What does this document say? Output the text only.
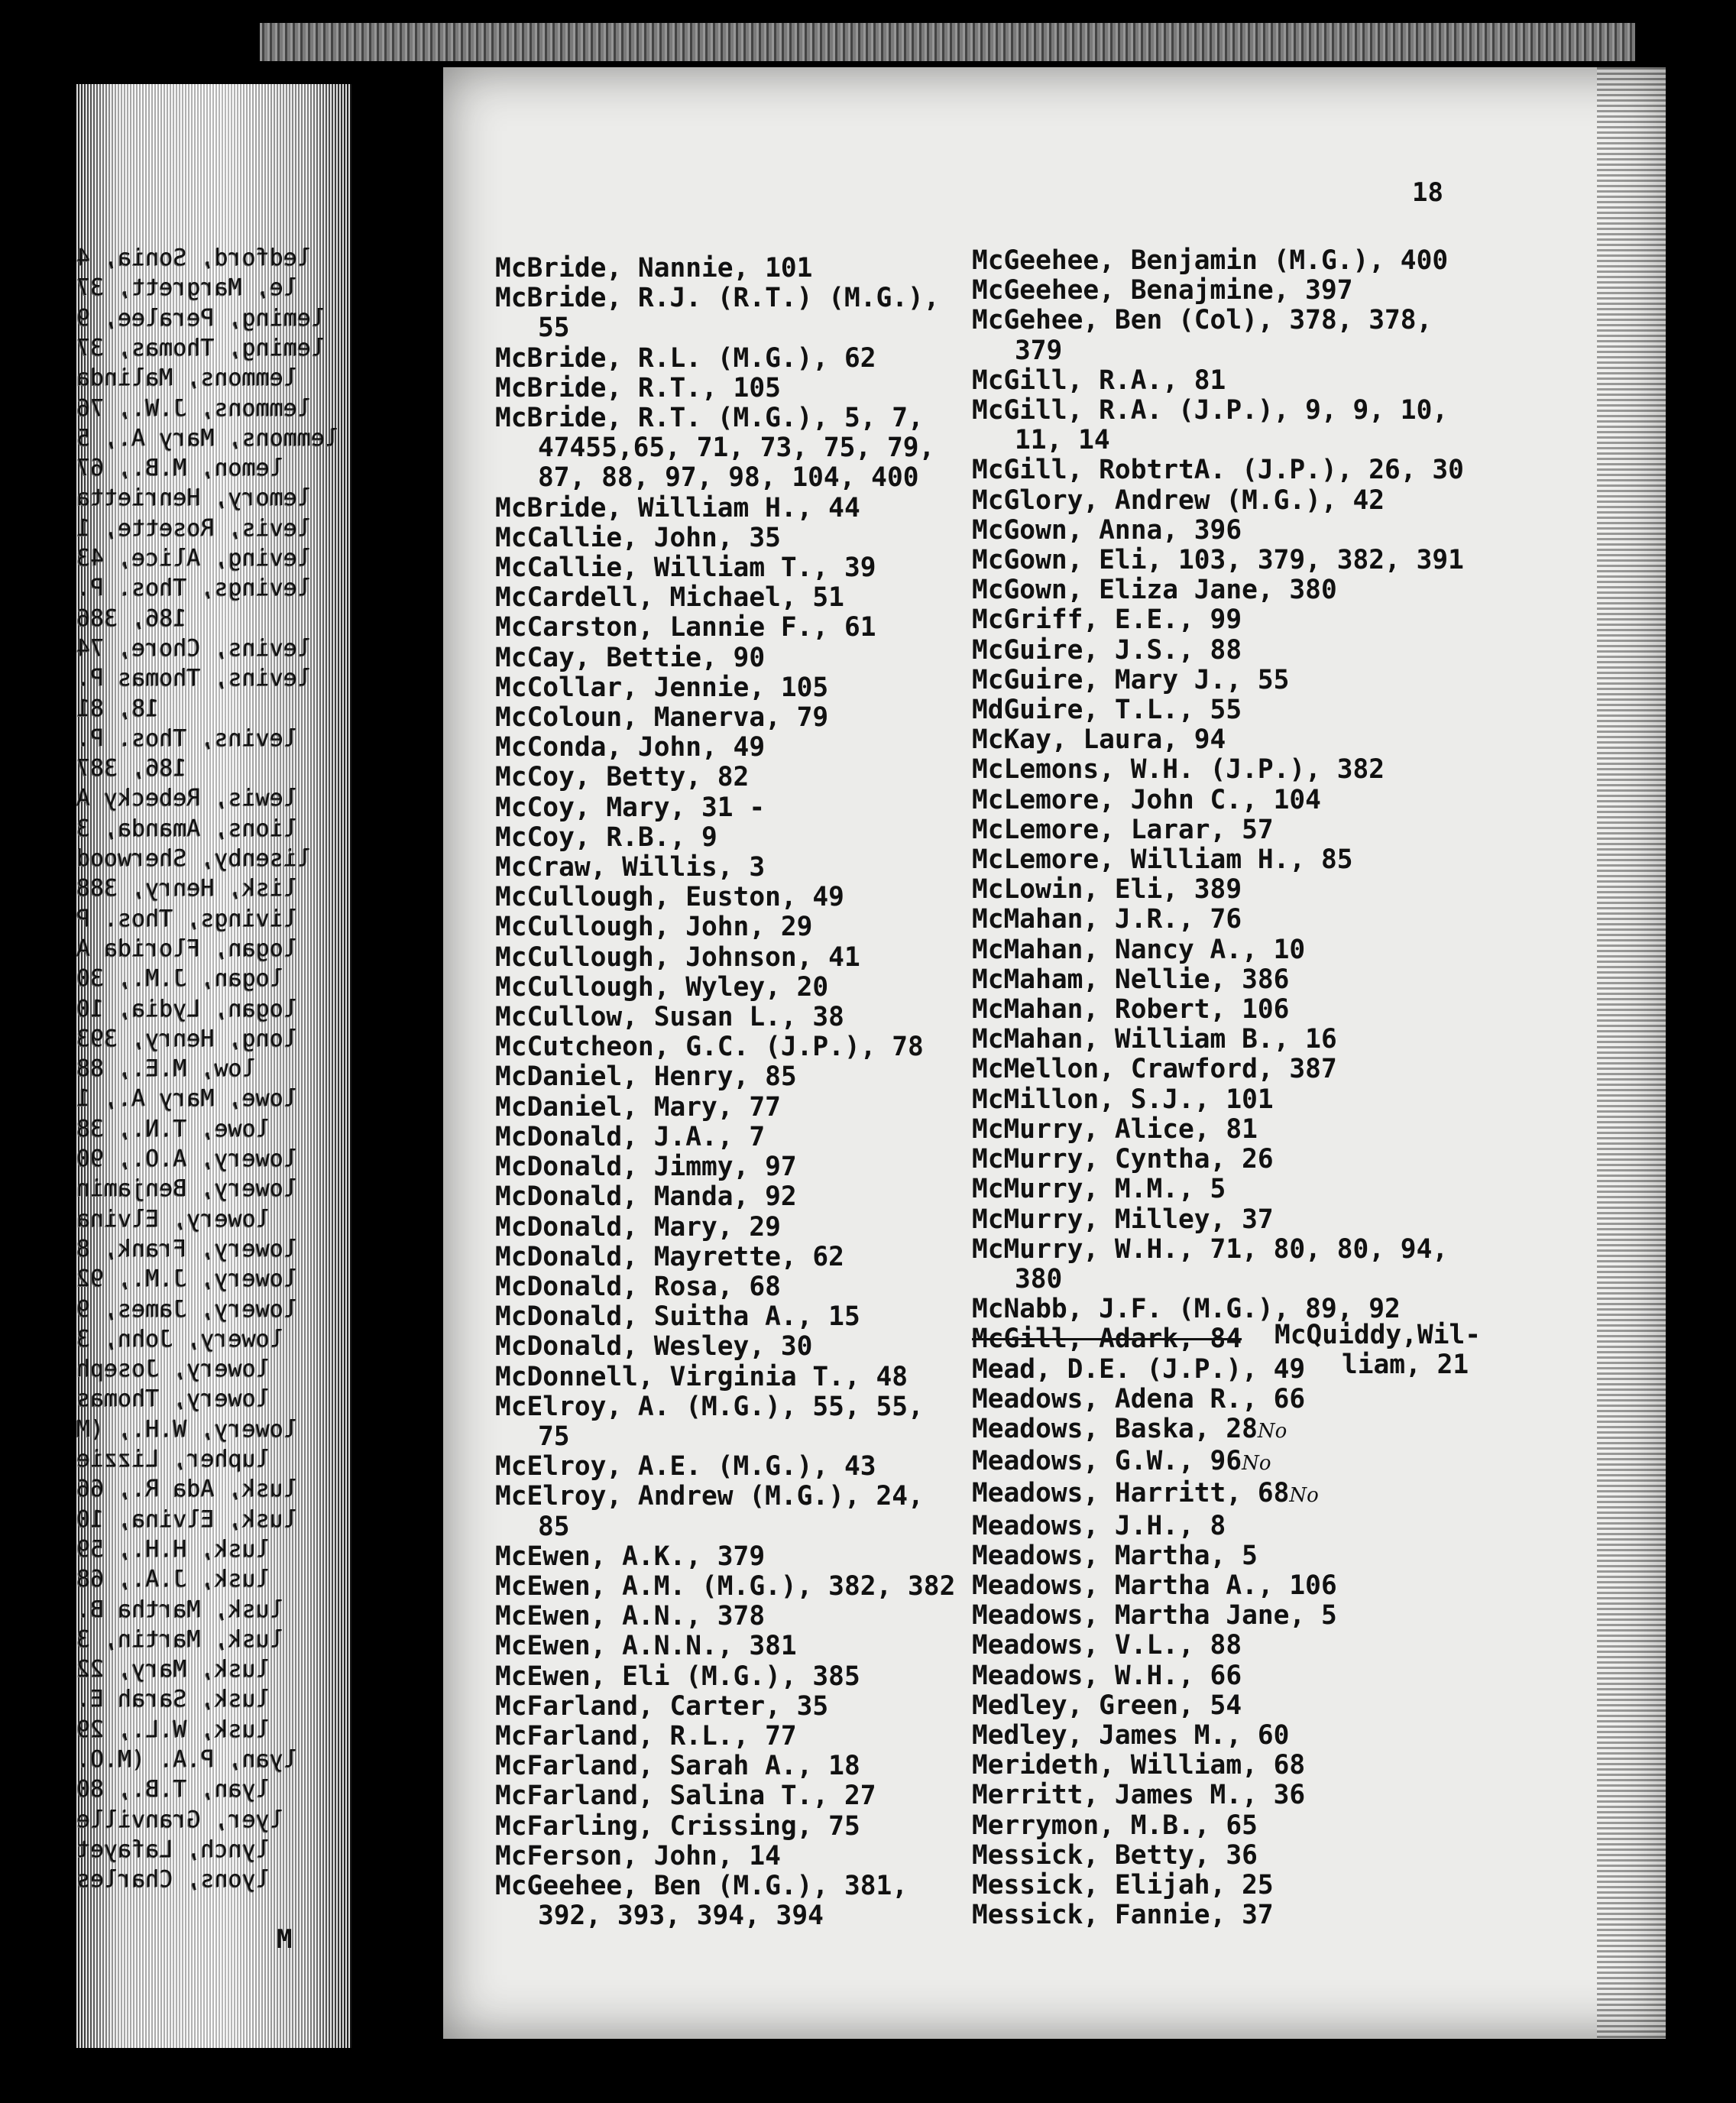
ledford, Sonia, 4
le, Margrett, 37
leming, Peralee, 9
leming, Thomas, 37
lemmons, Malinda
lemmons, J.W., 76
lemmons, Mary A., 5
lemon, M.B., 67
lemory, Henrietta
levis, Rosette, 1
leving, Alice, 43
levings, Thos. P.
186, 386
levins, Chore, 74
levins, Thomas P.
18, 81
levins, Thos. P.
186, 387
lewis, Rebecky A
lions, Amanda, 3
lisenby, Sherwood
lisk, Henry, 388
livings, Thos. P
logan, Florida A
logan, J.M., 30
logan, Lydia, 10
long, Henry, 393
low, M.E., 88
lowe, Mary A., 1
lowe, T.N., 38
lowery, A.O., 90
lowery, Benjamin
lowery, Elvina
lowery, Frank, 8
lowery, J.M., 92
lowery, James, 9
lowery, John, 3
lowery, Joseph
lowery, Thomas
lowery, W.H., (M
lupher, Lizzie
lusk, Ada R., 66
lusk, Elvina, 10
lusk, H.H., 59
lusk, J.A., 68
lusk, Martha B.
lusk, Martin, 3
lusk, Mary, 22
lusk, Sarah E.
lusk, W.L., 29
lyan, P.A. (M.O.
lyan, T.B., 80
lyer, Granville
lynch, Lafayet
lyons, Charles
M
18
McBride, Nannie, 101
McBride, R.J. (R.T.) (M.G.),
55
McBride, R.L. (M.G.), 62
McBride, R.T., 105
McBride, R.T. (M.G.), 5, 7,
47455,65, 71, 73, 75, 79,
87, 88, 97, 98, 104, 400
McBride, William H., 44
McCallie, John, 35
McCallie, William T., 39
McCardell, Michael, 51
McCarston, Lannie F., 61
McCay, Bettie, 90
McCollar, Jennie, 105
McColoun, Manerva, 79
McConda, John, 49
McCoy, Betty, 82
McCoy, Mary, 31 -
McCoy, R.B., 9
McCraw, Willis, 3
McCullough, Euston, 49
McCullough, John, 29
McCullough, Johnson, 41
McCullough, Wyley, 20
McCullow, Susan L., 38
McCutcheon, G.C. (J.P.), 78
McDaniel, Henry, 85
McDaniel, Mary, 77
McDonald, J.A., 7
McDonald, Jimmy, 97
McDonald, Manda, 92
McDonald, Mary, 29
McDonald, Mayrette, 62
McDonald, Rosa, 68
McDonald, Suitha A., 15
McDonald, Wesley, 30
McDonnell, Virginia T., 48
McElroy, A. (M.G.), 55, 55,
75
McElroy, A.E. (M.G.), 43
McElroy, Andrew (M.G.), 24,
85
McEwen, A.K., 379
McEwen, A.M. (M.G.), 382, 382
McEwen, A.N., 378
McEwen, A.N.N., 381
McEwen, Eli (M.G.), 385
McFarland, Carter, 35
McFarland, R.L., 77
McFarland, Sarah A., 18
McFarland, Salina T., 27
McFarling, Crissing, 75
McFerson, John, 14
McGeehee, Ben (M.G.), 381,
392, 393, 394, 394
McGeehee, Benjamin (M.G.), 400
McGeehee, Benajmine, 397
McGehee, Ben (Col), 378, 378,
379
McGill, R.A., 81
McGill, R.A. (J.P.), 9, 9, 10,
11, 14
McGill, RobtrtA. (J.P.), 26, 30
McGlory, Andrew (M.G.), 42
McGown, Anna, 396
McGown, Eli, 103, 379, 382, 391
McGown, Eliza Jane, 380
McGriff, E.E., 99
McGuire, J.S., 88
McGuire, Mary J., 55
MdGuire, T.L., 55
McKay, Laura, 94
McLemons, W.H. (J.P.), 382
McLemore, John C., 104
McLemore, Larar, 57
McLemore, William H., 85
McLowin, Eli, 389
McMahan, J.R., 76
McMahan, Nancy A., 10
McMaham, Nellie, 386
McMahan, Robert, 106
McMahan, William B., 16
McMellon, Crawford, 387
McMillon, S.J., 101
McMurry, Alice, 81
McMurry, Cyntha, 26
McMurry, M.M., 5
McMurry, Milley, 37
McMurry, W.H., 71, 80, 80, 94,
380
McNabb, J.F. (M.G.), 89, 92
McGill, Adark, 84
Mead, D.E. (J.P.), 49
Meadows, Adena R., 66
Meadows, Baska, 28No
Meadows, G.W., 96No
Meadows, Harritt, 68No
Meadows, J.H., 8
Meadows, Martha, 5
Meadows, Martha A., 106
Meadows, Martha Jane, 5
Meadows, V.L., 88
Meadows, W.H., 66
Medley, Green, 54
Medley, James M., 60
Merideth, William, 68
Merritt, James M., 36
Merrymon, M.B., 65
Messick, Betty, 36
Messick, Elijah, 25
Messick, Fannie, 37
McQuiddy,Wil-
liam, 21
